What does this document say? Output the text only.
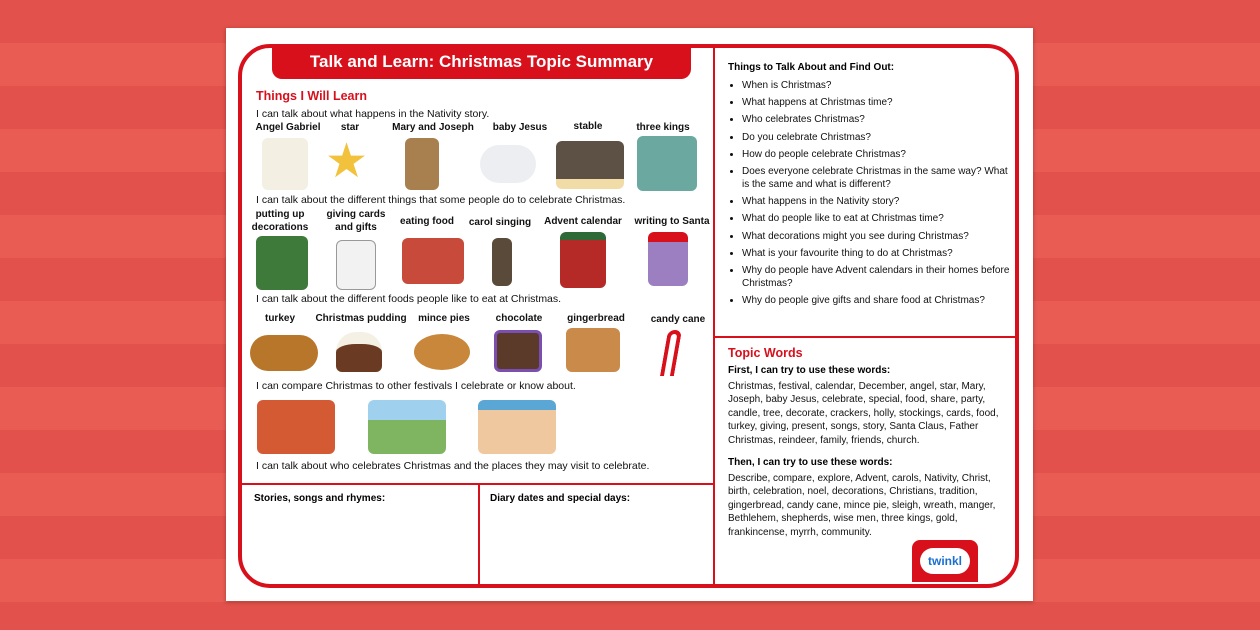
Talk and Learn: Christmas Topic Summary
Things I Will Learn
I can talk about what happens in the Nativity story.
I can talk about the different things that some people do to celebrate Christmas.
I can talk about the different foods people like to eat at Christmas.
I can compare Christmas to other festivals I celebrate or know about.
I can talk about who celebrates Christmas and the places they may visit to celebrate.
Angel Gabriel	star	Mary and Joseph	baby Jesus	stable	three kings
★
putting up decorations
giving cards and gifts
eating food	carol singing	Advent calendar	writing to Santa
turkey	Christmas pudding	mince pies	chocolate	gingerbread	candy cane
Stories, songs and rhymes:	Diary dates and special days:
Things to Talk About and Find Out:
• When is Christmas?
• What happens at Christmas time?
• Who celebrates Christmas?
• Do you celebrate Christmas?
• How do people celebrate Christmas?
• Does everyone celebrate Christmas in the same way? What is the same and what is different?
• What happens in the Nativity story?
• What do people like to eat at Christmas time?
• What decorations might you see during Christmas?
• What is your favourite thing to do at Christmas?
• Why do people have Advent calendars in their homes before Christmas?
• Why do people give gifts and share food at Christmas?
Topic Words
First, I can try to use these words:
Christmas, festival, calendar, December, angel, star, Mary, Joseph, baby Jesus, celebrate, special, food, share, party, candle, tree, decorate, crackers, holly, stockings, cards, food, turkey, giving, present, songs, story, Santa Claus, Father Christmas, reindeer, family, friends, church.
Then, I can try to use these words:
Describe, compare, explore, Advent, carols, Nativity, Christ, birth, celebration, noel, decorations, Christians, tradition, gingerbread, candy cane, mince pie, sleigh, wreath, manger, Bethlehem, shepherds, wise men, three kings, gold, frankincense, myrrh, community.
twinkl
